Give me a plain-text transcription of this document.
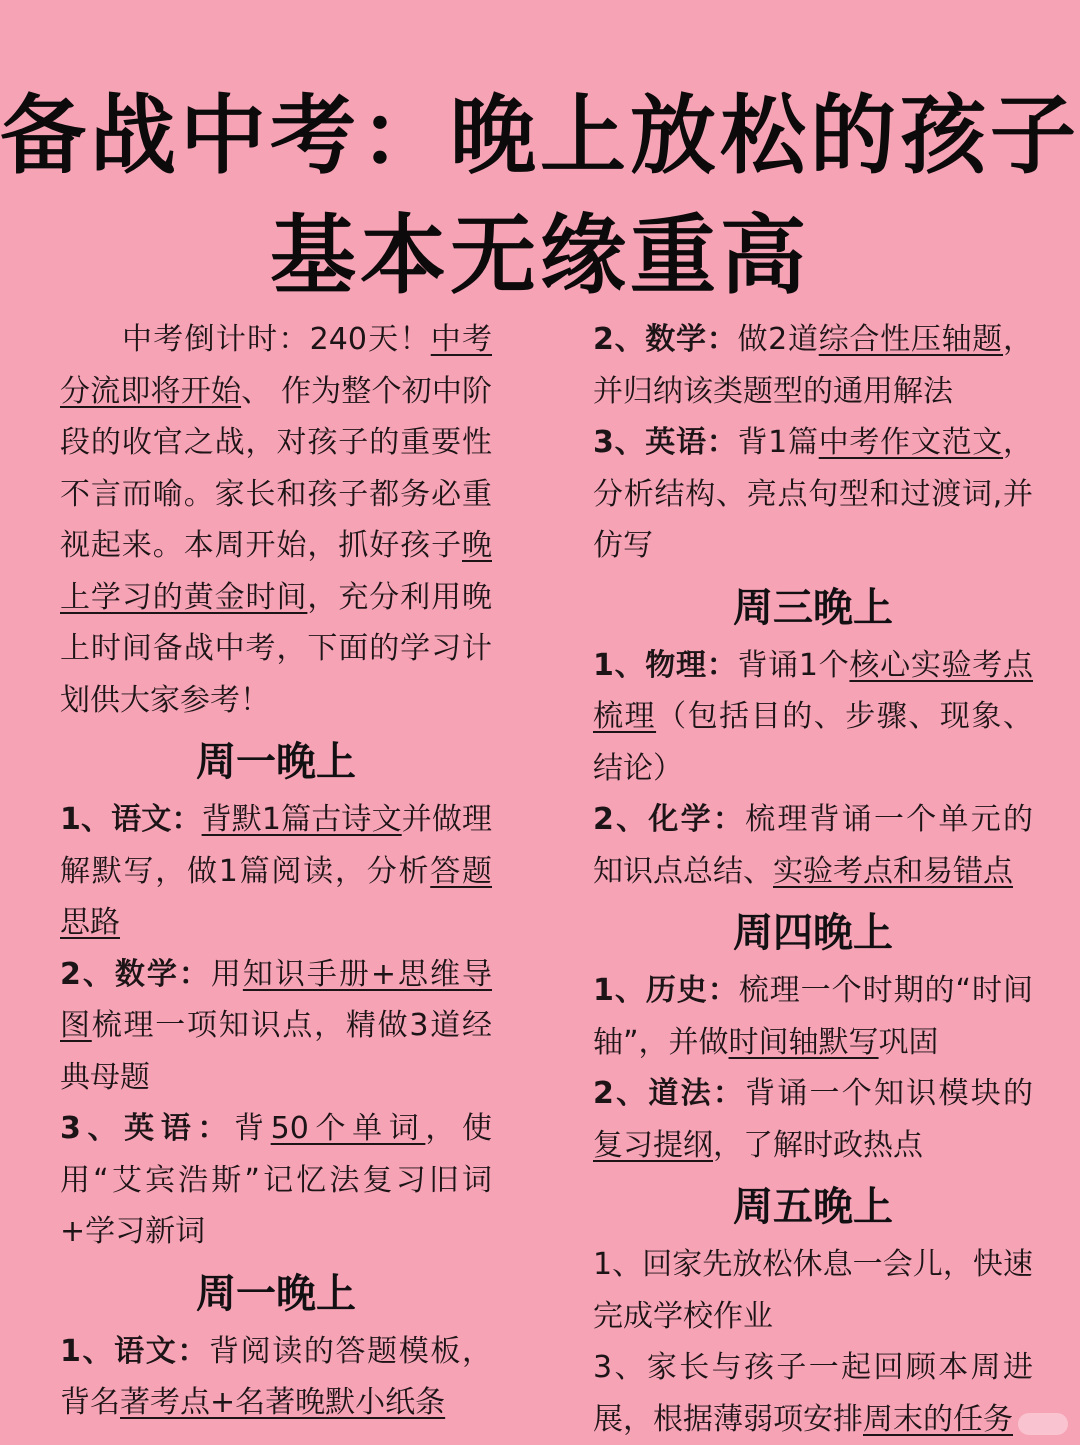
备战中考：晚上放松的孩子
基本无缘重高

中考倒计时：240天！中考分流即将开始、 作为整个初中阶段的收官之战，对孩子的重要性不言而喻。家长和孩子都务必重视起来。本周开始，抓好孩子晚上学习的黄金时间，充分利用晚上时间备战中考，下面的学习计划供大家参考！

周一晚上

1、语文：背默1篇古诗文并做理解默写，做1篇阅读，分析答题思路

2、数学：用知识手册+思维导图梳理一项知识点，精做3道经典母题

3、英语：背50个单词，使用“艾宾浩斯”记忆法复习旧词+学习新词

周一晚上

1、语文：背阅读的答题模板，背名著考点+名著晚默小纸条

2、数学：做2道综合性压轴题，并归纳该类题型的通用解法

3、英语：背1篇中考作文范文，分析结构、亮点句型和过渡词,并仿写

周三晚上

1、物理：背诵1个核心实验考点梳理（包括目的、步骤、现象、结论）

2、化学：梳理背诵一个单元的知识点总结、实验考点和易错点

周四晚上

1、历史：梳理一个时期的“时间轴”，并做时间轴默写巩固

2、道法：背诵一个知识模块的复习提纲，了解时政热点

周五晚上

1、回家先放松休息一会儿，快速完成学校作业

3、家长与孩子一起回顾本周进展，根据薄弱项安排周末的任务
